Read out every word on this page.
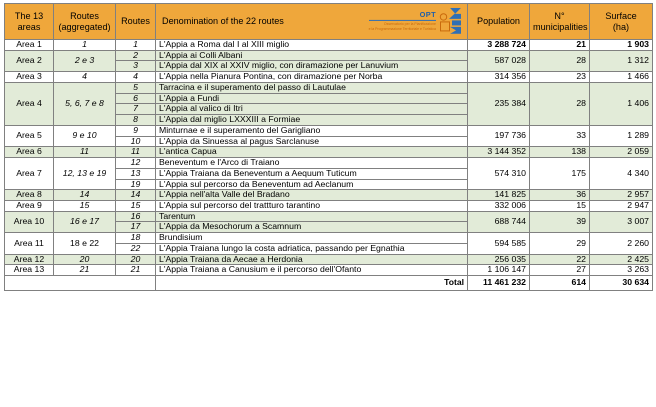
The 13
areas	Routes
(aggregated)	Routes	Denomination of the 22 routes
OPT
Osservatorio per la Pianificazione
e la Programmazione Territoriale e Turistica	Population	N°
municipalities	Surface
(ha)

Area 1	1	1	L'Appia a Roma dal I al XIII miglio	3 288 724	21	1 903
Area 2	2 e 3	2	L'Appia ai Colli Albani	587 028	28	1 312
		3	L'Appia dal XIX al XXIV miglio, con diramazione per Lanuvium			
Area 3	4	4	L'Appia nella Pianura Pontina, con diramazione per Norba	314 356	23	1 466
Area 4	5, 6, 7 e 8	5	Tarracina e il superamento del passo di Lautulae	235 384	28	1 406
		6	L'Appia a Fundi			
		7	L'Appia al valico di Itri			
		8	L'Appia dal miglio LXXXIII a Formiae			
Area 5	9 e 10	9	Minturnae e il superamento del Garigliano	197 736	33	1 289
		10	L'Appia da Sinuessa al pagus Sarclanuse			
Area 6	11	11	L'antica Capua	3 144 352	138	2 059
Area 7	12, 13 e 19	12	Beneventum e l'Arco di Traiano	574 310	175	4 340
		13	L'Appia Traiana da Beneventum a Aequum Tuticum			
		19	L'Appia sul percorso da Beneventum ad Aeclanum			
Area 8	14	14	L'Appia nell'alta Valle del Bradano	141 825	36	2 957
Area 9	15	15	L'Appia sul percorso del trattturo tarantino	332 006	15	2 947
Area 10	16 e 17	16	Tarentum	688 744	39	3 007
		17	L'Appia da Mesochorum a Scamnum			
Area 11	18 e 22	18	Brundisium	594 585	29	2 260
		22	L'Appia Traiana lungo la costa adriatica, passando per Egnathia			
Area 12	20	20	L'Appia Traiana da Aecae a Herdonia	256 035	22	2 425
Area 13	21	21	L'Appia Traiana a Canusium e il percorso dell'Ofanto	1 106 147	27	3 263
			Total	11 461 232	614	30 634
